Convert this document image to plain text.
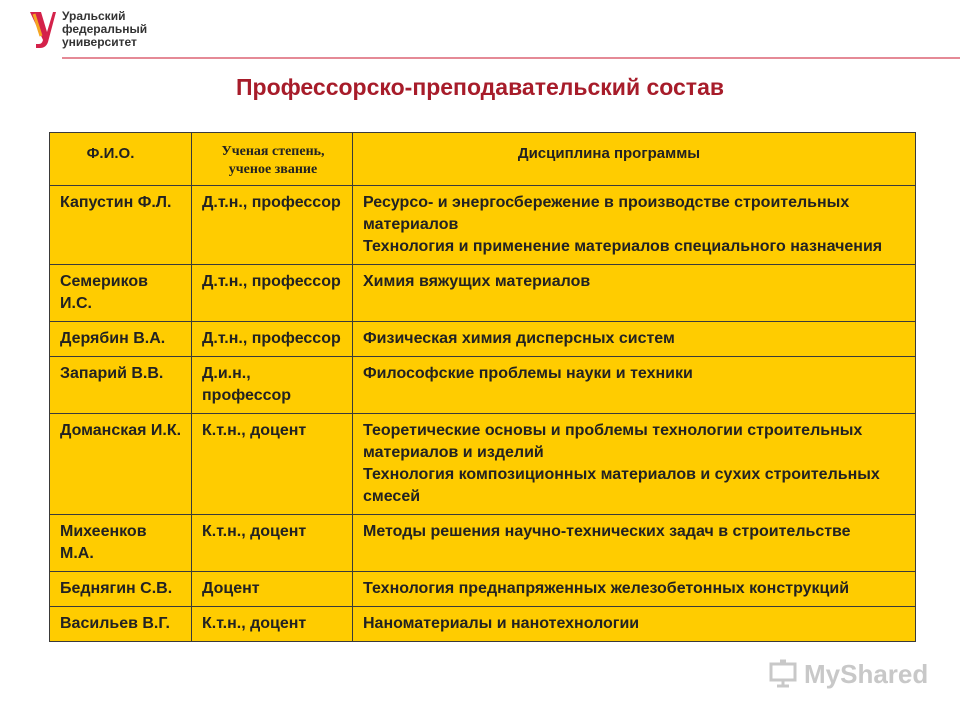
Уральский
федеральный
университет
Профессорско-преподавательский состав
Ф.И.О.	Ученая степень, ученое звание	Дисциплина программы
Капустин Ф.Л.	Д.т.н., профессор	Ресурсо- и энергосбережение в производстве строительных материалов
Технология и применение материалов специального назначения

Семериков И.С.	Д.т.н., профессор	Химия вяжущих материалов

Дерябин В.А.	Д.т.н., профессор	Физическая химия дисперсных систем

Запарий В.В.	Д.и.н., профессор	Философские проблемы науки и техники

Доманская И.К.	К.т.н., доцент	Теоретические основы и проблемы технологии строительных материалов и изделий
Технология композиционных материалов и сухих строительных смесей

Михеенков М.А.	К.т.н., доцент	Методы решения научно-технических задач в строительстве

Беднягин С.В.	Доцент	Технология преднапряженных железобетонных конструкций

Васильев В.Г.	К.т.н., доцент	Наноматериалы и нанотехнологии
MyShared
